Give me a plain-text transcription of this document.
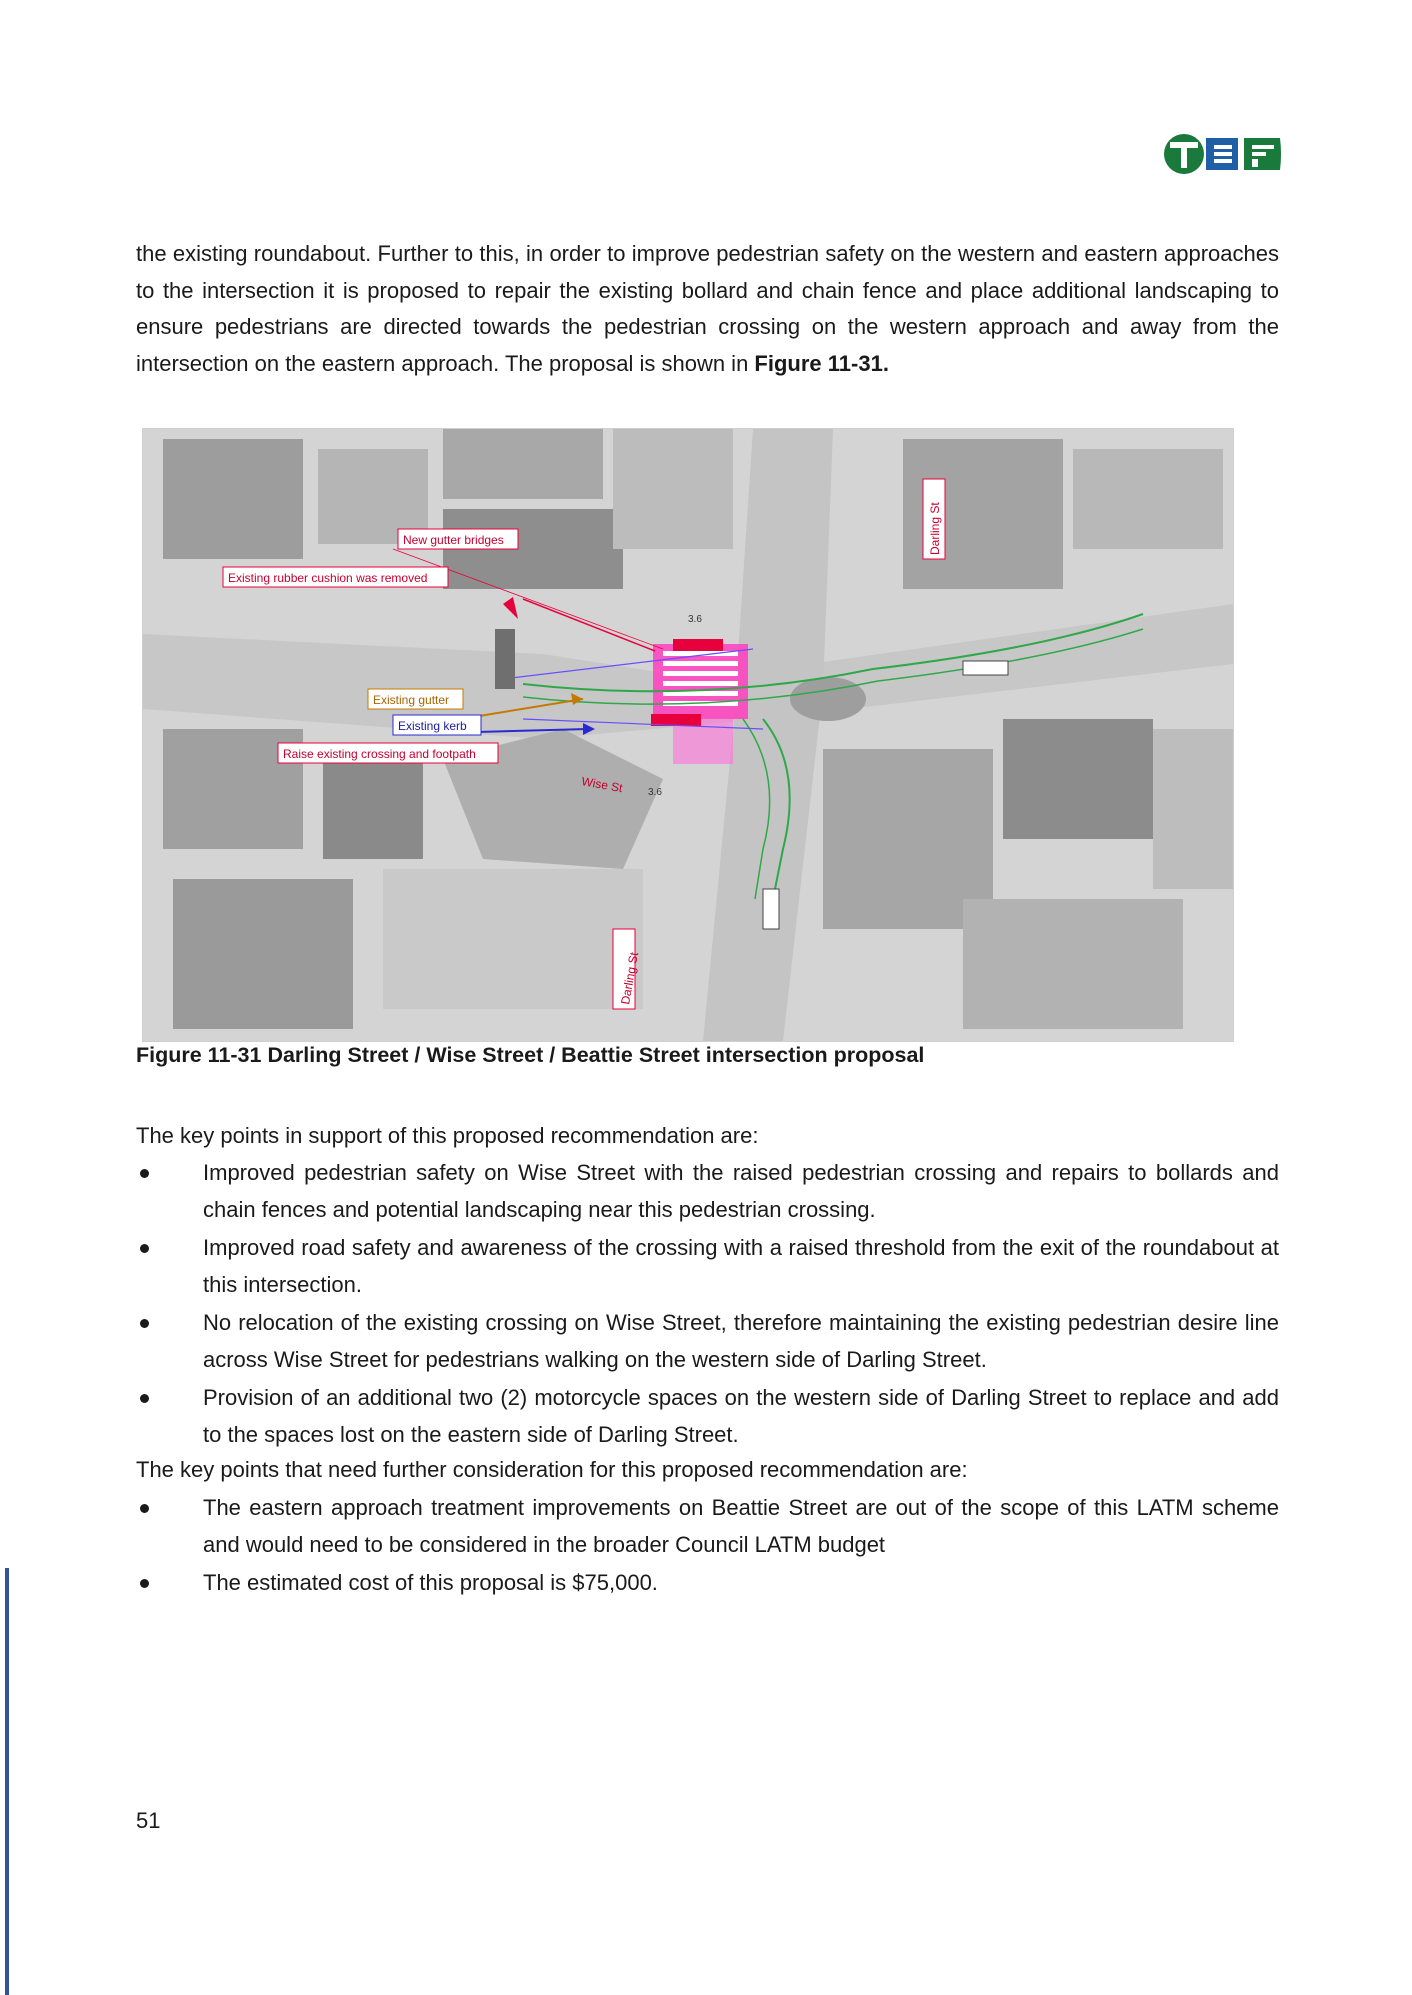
the existing roundabout. Further to this, in order to improve pedestrian safety on the western and eastern approaches to the intersection it is proposed to repair the existing bollard and chain fence and place additional landscaping to ensure pedestrians are directed towards the pedestrian crossing on the western approach and away from the intersection on the eastern approach. The proposal is shown in Figure 11-31.

New gutter bridges
Existing rubber cushion was removed
Existing gutter
Existing kerb
Raise existing crossing and footpath
Wise St
Darling St
Darling St
3.6
3.6

Figure 11-31 Darling Street / Wise Street / Beattie Street intersection proposal

The key points in support of this proposed recommendation are:

Improved pedestrian safety on Wise Street with the raised pedestrian crossing and repairs to bollards and chain fences and potential landscaping near this pedestrian crossing.
Improved road safety and awareness of the crossing with a raised threshold from the exit of the roundabout at this intersection.
No relocation of the existing crossing on Wise Street, therefore maintaining the existing pedestrian desire line across Wise Street for pedestrians walking on the western side of Darling Street.
Provision of an additional two (2) motorcycle spaces on the western side of Darling Street to replace and add to the spaces lost on the eastern side of Darling Street.

The key points that need further consideration for this proposed recommendation are:

The eastern approach treatment improvements on Beattie Street are out of the scope of this LATM scheme and would need to be considered in the broader Council LATM budget
The estimated cost of this proposal is $75,000.
51
